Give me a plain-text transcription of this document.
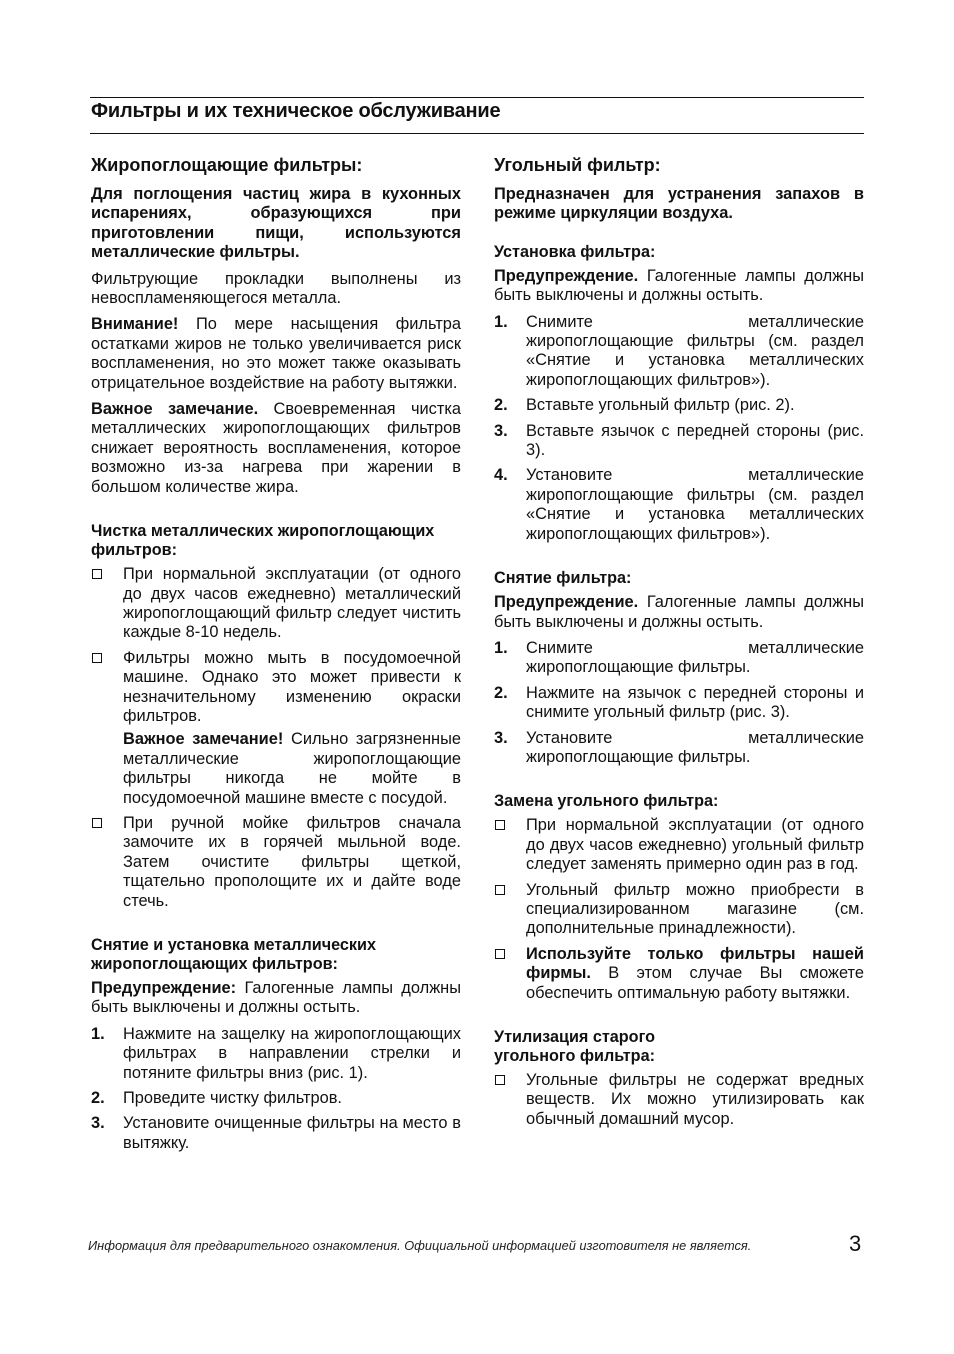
Фильтры и их техническое обслуживание
Жиропоглощающие фильтры:

Для поглощения частиц жира в кухонных испарениях, образующихся при приготовлении пищи, используются металлические фильтры.

Фильтрующие прокладки выполнены из невоспламеняющегося металла.

Внимание! По мере насыщения фильтра остатками жиров не только увеличивается риск воспламенения, но это может также оказывать отрицательное воздействие на работу вытяжки.

Важное замечание. Своевременная чистка металлических жиропоглощающих фильтров снижает вероятность воспламенения, которое возможно из-за нагрева при жарении в большом количестве жира.

Чистка металлических жиропоглощающих фильтров:
При нормальной эксплуатации (от одного до двух часов ежедневно) металлический жиропоглощающий фильтр следует чистить каждые 8-10 недель.
Фильтры можно мыть в посудомоечной машине. Однако это может привести к незначительному изменению окраски фильтров.
Важное замечание! Сильно загрязненные металлические жиропоглощающие фильтры никогда не мойте в посудомоечной машине вместе с посудой.
При ручной мойке фильтров сначала замочите их в горячей мыльной воде. Затем очистите фильтры щеткой, тщательно прополощите их и дайте воде стечь.
Снятие и установка металлических жиропоглощающих фильтров:

Предупреждение: Галогенные лампы должны быть выключены и должны остыть.

1. Нажмите на защелку на жиропоглощающих фильтрах в направлении стрелки и потяните фильтры вниз (рис. 1).
2. Проведите чистку фильтров.
3. Установите очищенные фильтры на место в вытяжку.
Угольный фильтр:

Предназначен для устранения запахов в режиме циркуляции воздуха.

Установка фильтра:

Предупреждение. Галогенные лампы должны быть выключены и должны остыть.

1. Снимите металлические жиропоглощающие фильтры (см. раздел «Снятие и установка металлических жиропоглощающих фильтров»).
2. Вставьте угольный фильтр (рис. 2).
3. Вставьте язычок с передней стороны (рис. 3).
4. Установите металлические жиропоглощающие фильтры (см. раздел «Снятие и установка металлических жиропоглощающих фильтров»).
Снятие фильтра:

Предупреждение. Галогенные лампы должны быть выключены и должны остыть.

1. Снимите металлические жиропоглощающие фильтры.
2. Нажмите на язычок с передней стороны и снимите угольный фильтр (рис. 3).
3. Установите металлические жиропоглощающие фильтры.
Замена угольного фильтра:
При нормальной эксплуатации (от одного до двух часов ежедневно) угольный фильтр следует заменять примерно один раз в год.
Угольный фильтр можно приобрести в специализированном магазине (см. дополнительные принадлежности).
Используйте только фильтры нашей фирмы. В этом случае Вы сможете обеспечить оптимальную работу вытяжки.
Утилизация старого угольного фильтра:
Угольные фильтры не содержат вредных веществ. Их можно утилизировать как обычный домашний мусор.
Информация для предварительного ознакомления. Официальной информацией изготовителя не является.	3
